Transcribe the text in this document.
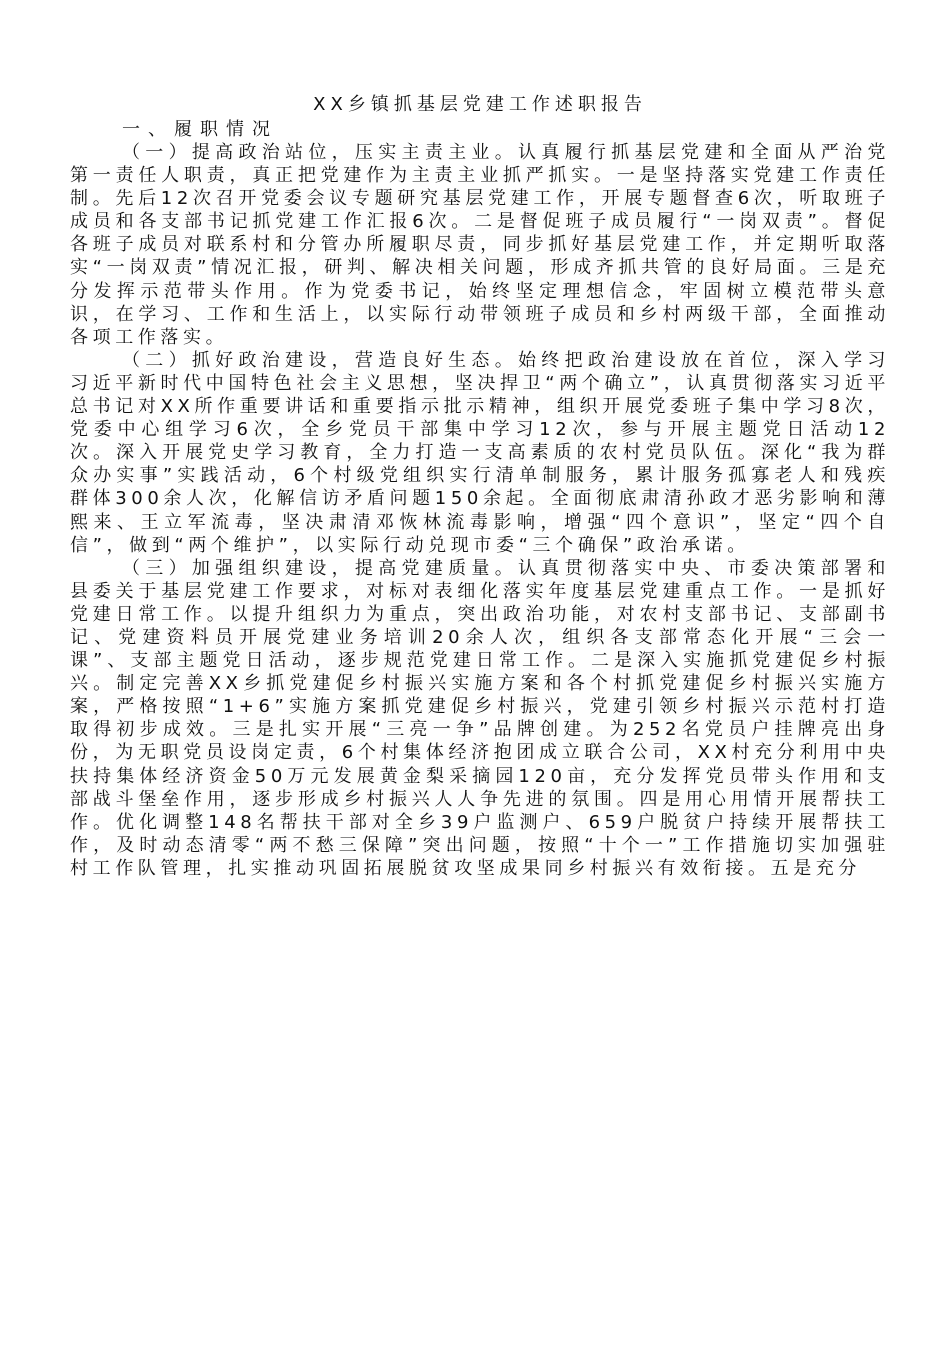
XX乡镇抓基层党建工作述职报告
一、履职情况

（一）提高政治站位，压实主责主业。认真履行抓基层党建和全面从严治党第一责任人职责，真正把党建作为主责主业抓严抓实。一是坚持落实党建工作责任制。先后12次召开党委会议专题研究基层党建工作，开展专题督查6次，听取班子成员和各支部书记抓党建工作汇报6次。二是督促班子成员履行“一岗双责”。督促各班子成员对联系村和分管办所履职尽责，同步抓好基层党建工作，并定期听取落实“一岗双责”情况汇报，研判、解决相关问题，形成齐抓共管的良好局面。三是充分发挥示范带头作用。作为党委书记，始终坚定理想信念，牢固树立模范带头意识，在学习、工作和生活上，以实际行动带领班子成员和乡村两级干部，全面推动各项工作落实。

（二）抓好政治建设，营造良好生态。始终把政治建设放在首位，深入学习习近平新时代中国特色社会主义思想，坚决捍卫“两个确立”，认真贯彻落实习近平总书记对XX所作重要讲话和重要指示批示精神，组织开展党委班子集中学习8次，党委中心组学习6次，全乡党员干部集中学习12次，参与开展主题党日活动12次。深入开展党史学习教育，全力打造一支高素质的农村党员队伍。深化“我为群众办实事”实践活动，6个村级党组织实行清单制服务，累计服务孤寡老人和残疾群体300余人次，化解信访矛盾问题150余起。全面彻底肃清孙政才恶劣影响和薄熙来、王立军流毒，坚决肃清邓恢林流毒影响，增强“四个意识”，坚定“四个自信”，做到“两个维护”，以实际行动兑现市委“三个确保”政治承诺。

（三）加强组织建设，提高党建质量。认真贯彻落实中央、市委决策部署和县委关于基层党建工作要求，对标对表细化落实年度基层党建重点工作。一是抓好党建日常工作。以提升组织力为重点，突出政治功能，对农村支部书记、支部副书记、党建资料员开展党建业务培训20余人次，组织各支部常态化开展“三会一课”、支部主题党日活动，逐步规范党建日常工作。二是深入实施抓党建促乡村振兴。制定完善XX乡抓党建促乡村振兴实施方案和各个村抓党建促乡村振兴实施方案，严格按照“1+6”实施方案抓党建促乡村振兴，党建引领乡村振兴示范村打造取得初步成效。三是扎实开展“三亮一争”品牌创建。为252名党员户挂牌亮出身份，为无职党员设岗定责，6个村集体经济抱团成立联合公司，XX村充分利用中央扶持集体经济资金50万元发展黄金梨采摘园120亩，充分发挥党员带头作用和支部战斗堡垒作用，逐步形成乡村振兴人人争先进的氛围。四是用心用情开展帮扶工作。优化调整148名帮扶干部对全乡39户监测户、659户脱贫户持续开展帮扶工作，及时动态清零“两不愁三保障”突出问题，按照“十个一”工作措施切实加强驻村工作队管理，扎实推动巩固拓展脱贫攻坚成果同乡村振兴有效衔接。五是充分
